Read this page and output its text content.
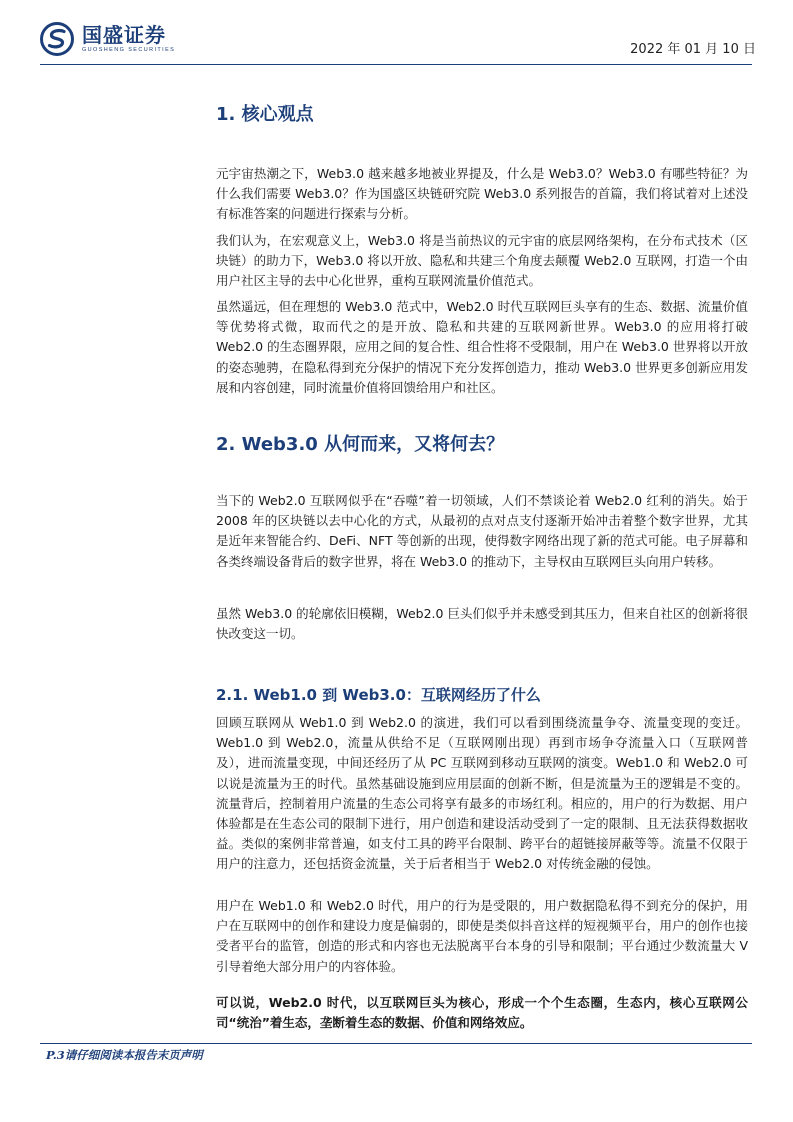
国盛证券
GUOSHENG SECURITIES	2022 年 01 月 10 日
1. 核心观点
元宇宙热潮之下，Web3.0 越来越多地被业界提及，什么是 Web3.0？Web3.0 有哪些特征？为什么我们需要 Web3.0？作为国盛区块链研究院 Web3.0 系列报告的首篇，我们将试着对上述没有标准答案的问题进行探索与分析。
我们认为，在宏观意义上，Web3.0 将是当前热议的元宇宙的底层网络架构，在分布式技术（区块链）的助力下，Web3.0 将以开放、隐私和共建三个角度去颠覆 Web2.0 互联网，打造一个由用户社区主导的去中心化世界，重构互联网流量价值范式。
虽然遥远，但在理想的 Web3.0 范式中，Web2.0 时代互联网巨头享有的生态、数据、流量价值等优势将式微，取而代之的是开放、隐私和共建的互联网新世界。Web3.0 的应用将打破 Web2.0 的生态圈界限，应用之间的复合性、组合性将不受限制，用户在 Web3.0 世界将以开放的姿态驰骋，在隐私得到充分保护的情况下充分发挥创造力，推动 Web3.0 世界更多创新应用发展和内容创建，同时流量价值将回馈给用户和社区。
2. Web3.0 从何而来，又将何去？
当下的 Web2.0 互联网似乎在“吞噬”着一切领域，人们不禁谈论着 Web2.0 红利的消失。始于 2008 年的区块链以去中心化的方式，从最初的点对点支付逐渐开始冲击着整个数字世界，尤其是近年来智能合约、DeFi、NFT 等创新的出现，使得数字网络出现了新的范式可能。电子屏幕和各类终端设备背后的数字世界，将在 Web3.0 的推动下，主导权由互联网巨头向用户转移。
虽然 Web3.0 的轮廓依旧模糊，Web2.0 巨头们似乎并未感受到其压力，但来自社区的创新将很快改变这一切。
2.1. Web1.0 到 Web3.0：互联网经历了什么
回顾互联网从 Web1.0 到 Web2.0 的演进，我们可以看到围绕流量争夺、流量变现的变迁。Web1.0 到 Web2.0，流量从供给不足（互联网刚出现）再到市场争夺流量入口（互联网普及），进而流量变现，中间还经历了从 PC 互联网到移动互联网的演变。Web1.0 和 Web2.0 可以说是流量为王的时代。虽然基础设施到应用层面的创新不断，但是流量为王的逻辑是不变的。流量背后，控制着用户流量的生态公司将享有最多的市场红利。相应的，用户的行为数据、用户体验都是在生态公司的限制下进行，用户创造和建设活动受到了一定的限制、且无法获得数据收益。类似的案例非常普遍，如支付工具的跨平台限制、跨平台的超链接屏蔽等等。流量不仅限于用户的注意力，还包括资金流量，关于后者相当于 Web2.0 对传统金融的侵蚀。
用户在 Web1.0 和 Web2.0 时代，用户的行为是受限的，用户数据隐私得不到充分的保护，用户在互联网中的创作和建设力度是偏弱的，即使是类似抖音这样的短视频平台，用户的创作也接受者平台的监管，创造的形式和内容也无法脱离平台本身的引导和限制；平台通过少数流量大 V 引导着绝大部分用户的内容体验。
可以说，Web2.0 时代，以互联网巨头为核心，形成一个个生态圈，生态内，核心互联网公司“统治”着生态，垄断着生态的数据、价值和网络效应。
P.3请仔细阅读本报告末页声明
